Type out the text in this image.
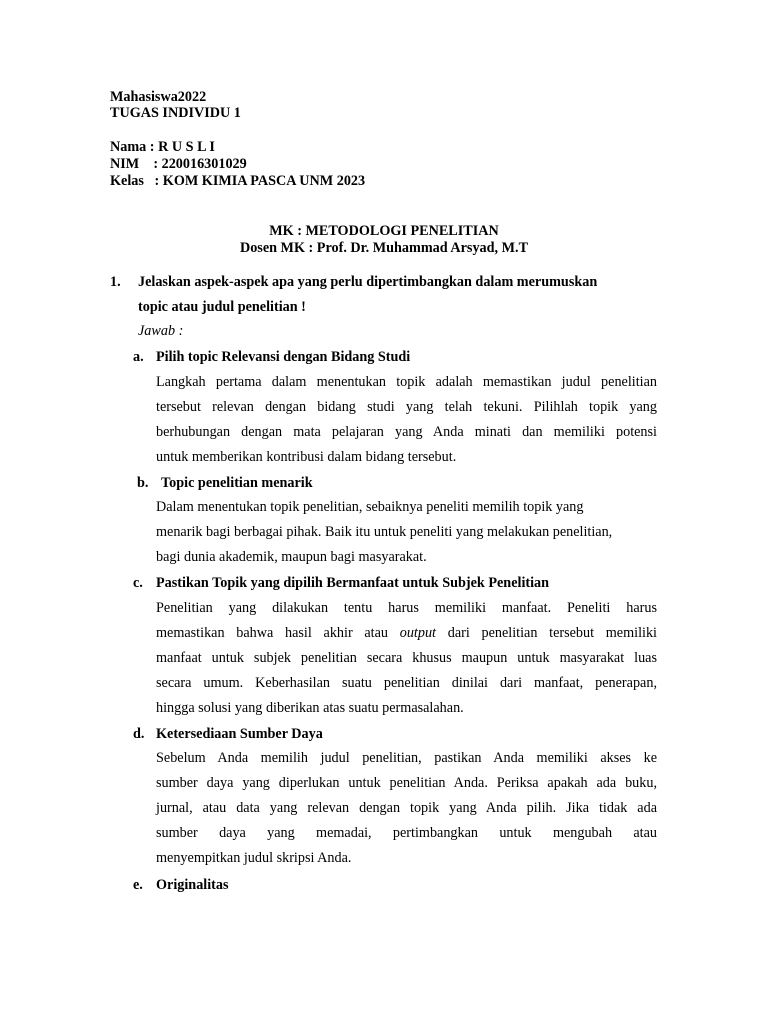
Mahasiswa2022
TUGAS INDIVIDU 1
Nama : R U S L I
NIM    : 220016301029
Kelas   : KOM KIMIA PASCA UNM 2023
MK : METODOLOGI PENELITIAN
Dosen MK : Prof. Dr. Muhammad Arsyad, M.T
1. Jelaskan aspek-aspek apa yang perlu dipertimbangkan dalam merumuskan
topic atau judul penelitian !
Jawab :
a. Pilih topic Relevansi dengan Bidang Studi
Langkah pertama dalam menentukan topik adalah memastikan judul penelitian
tersebut relevan dengan bidang studi yang telah tekuni. Pilihlah topik yang
berhubungan dengan mata pelajaran yang Anda minati dan memiliki potensi
untuk memberikan kontribusi dalam bidang tersebut.
b. Topic penelitian menarik
Dalam menentukan topik penelitian, sebaiknya peneliti memilih topik yang
menarik bagi berbagai pihak. Baik itu untuk peneliti yang melakukan penelitian,
bagi dunia akademik, maupun bagi masyarakat.
c. Pastikan Topik yang dipilih Bermanfaat untuk Subjek Penelitian
Penelitian yang dilakukan tentu harus memiliki manfaat. Peneliti harus
memastikan bahwa hasil akhir atau output dari penelitian tersebut memiliki
manfaat untuk subjek penelitian secara khusus maupun untuk masyarakat luas
secara umum. Keberhasilan suatu penelitian dinilai dari manfaat, penerapan,
hingga solusi yang diberikan atas suatu permasalahan.
d. Ketersediaan Sumber Daya
Sebelum Anda memilih judul penelitian, pastikan Anda memiliki akses ke
sumber daya yang diperlukan untuk penelitian Anda. Periksa apakah ada buku,
jurnal, atau data yang relevan dengan topik yang Anda pilih. Jika tidak ada
sumber daya yang memadai, pertimbangkan untuk mengubah atau
menyempitkan judul skripsi Anda.
e. Originalitas
